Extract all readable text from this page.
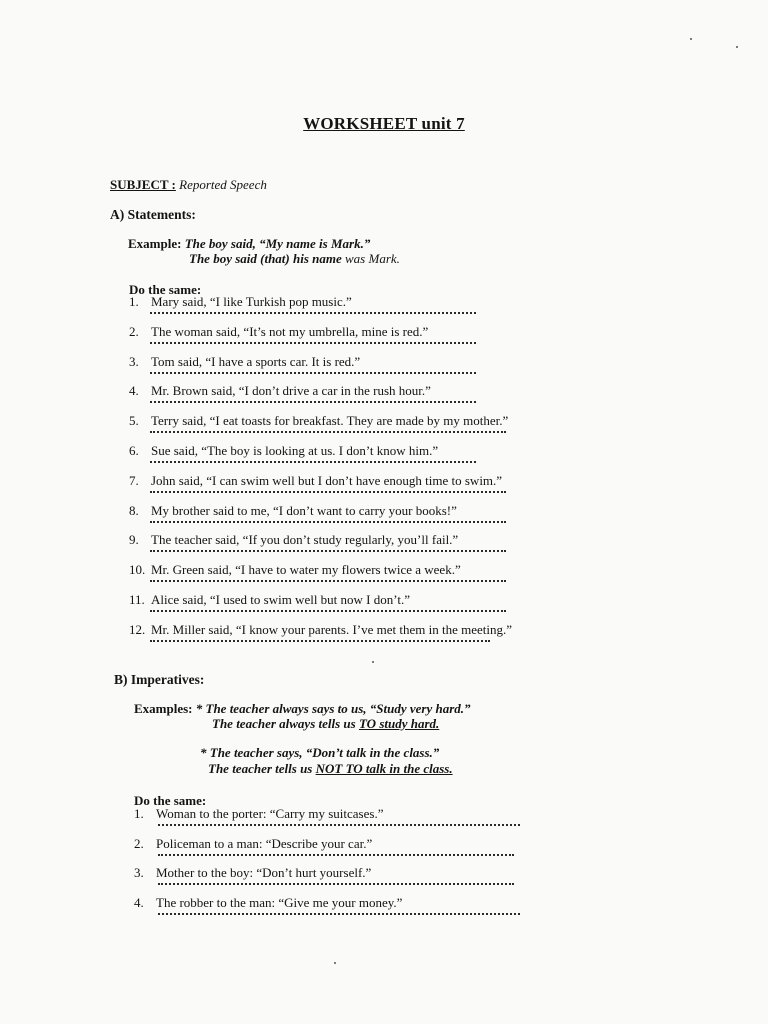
WORKSHEET unit 7
SUBJECT : Reported Speech
A) Statements:
Example: The boy said, “My name is Mark.”
The boy said (that) his name was Mark.
Do the same:
1. Mary said, “I like Turkish pop music.”
2. The woman said, “It’s not my umbrella, mine is red.”
3. Tom said, “I have a sports car. It is red.”
4. Mr. Brown said, “I don’t drive a car in the rush hour.”
5. Terry said, “I eat toasts for breakfast. They are made by my mother.”
6. Sue said, “The boy is looking at us. I don’t know him.”
7. John said, “I can swim well but I don’t have enough time to swim.”
8. My brother said to me, “I don’t want to carry your books!”
9. The teacher said, “If you don’t study regularly, you’ll fail.”
10. Mr. Green said, “I have to water my flowers twice a week.”
11. Alice said, “I used to swim well but now I don’t.”
12. Mr. Miller said, “I know your parents. I’ve met them in the meeting.”
B) Imperatives:
Examples: * The teacher always says to us, “Study very hard.”
The teacher always tells us TO study hard.
* The teacher says, “Don’t talk in the class.”
The teacher tells us NOT TO talk in the class.
Do the same:
1. Woman to the porter: “Carry my suitcases.”
2. Policeman to a man: “Describe your car.”
3. Mother to the boy: “Don’t hurt yourself.”
4. The robber to the man: “Give me your money.”
